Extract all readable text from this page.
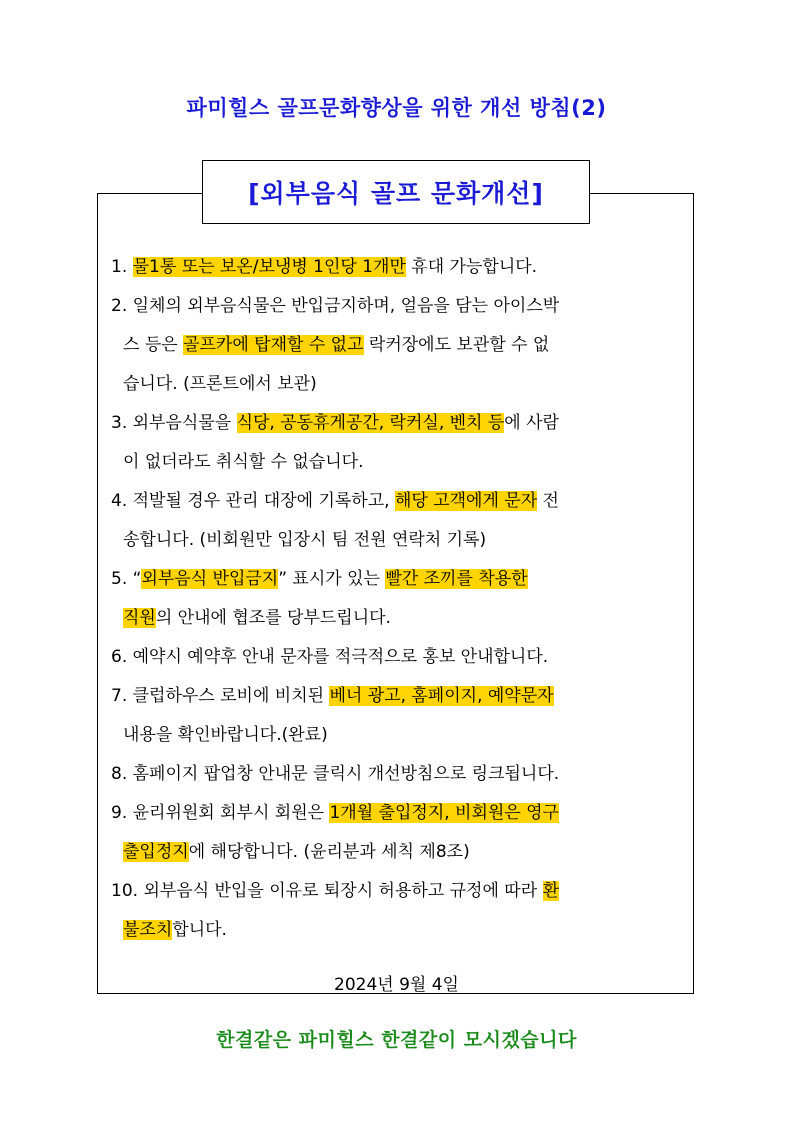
파미힐스 골프문화향상을 위한 개선 방침(2)
[외부음식 골프 문화개선]
1. 물1통 또는 보온/보냉병 1인당 1개만 휴대 가능합니다.
2. 일체의 외부음식물은 반입금지하며, 얼음을 담는 아이스박
스 등은 골프카에 탑재할 수 없고 락커장에도 보관할 수 없
습니다. (프론트에서 보관)
3. 외부음식물을 식당, 공동휴게공간, 락커실, 벤치 등에 사람
이 없더라도 취식할 수 없습니다.
4. 적발될 경우 관리 대장에 기록하고, 해당 고객에게 문자 전
송합니다. (비회원만 입장시 팀 전원 연락처 기록)
5. “외부음식 반입금지” 표시가 있는 빨간 조끼를 착용한
직원의 안내에 협조를 당부드립니다.
6. 예약시 예약후 안내 문자를 적극적으로 홍보 안내합니다.
7. 클럽하우스 로비에 비치된 베너 광고, 홈페이지, 예약문자
내용을 확인바랍니다.(완료)
8. 홈페이지 팝업창 안내문 클릭시 개선방침으로 링크됩니다.
9. 윤리위원회 회부시 회원은 1개월 출입정지, 비회원은 영구
출입정지에 해당합니다. (윤리분과 세칙 제8조)
10. 외부음식 반입을 이유로 퇴장시 허용하고 규정에 따라 환
불조치합니다.
2024년 9월 4일
한결같은 파미힐스 한결같이 모시겠습니다
